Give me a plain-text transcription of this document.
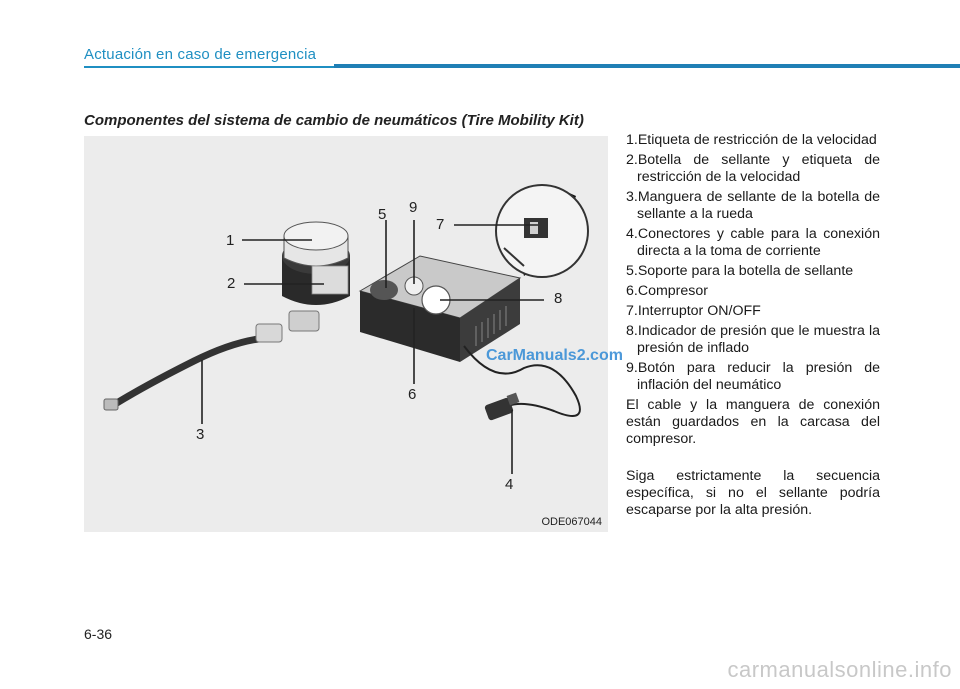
Actuación en caso de emergencia
Componentes del sistema de cambio de neumáticos (Tire Mobility Kit)
1
2
3
4
5
6
7
8
9
ODE067044
CarManuals2.com
1.Etiqueta de restricción de la velocidad
2.Botella de sellante y etiqueta de restricción de la velocidad
3.Manguera de sellante de la botella de sellante a la rueda
4.Conectores y cable para la conexión directa a la toma de corriente
5.Soporte para la botella de sellante
6.Compresor
7.Interruptor ON/OFF
8.Indicador de presión que le muestra la presión de inflado
9.Botón para reducir la presión de inflación del neumático

El cable y la manguera de conexión están guardados en la carcasa del compresor.

Siga estrictamente la secuencia específica, si no el sellante podría escaparse por la alta presión.

6-36
carmanualsonline.info
